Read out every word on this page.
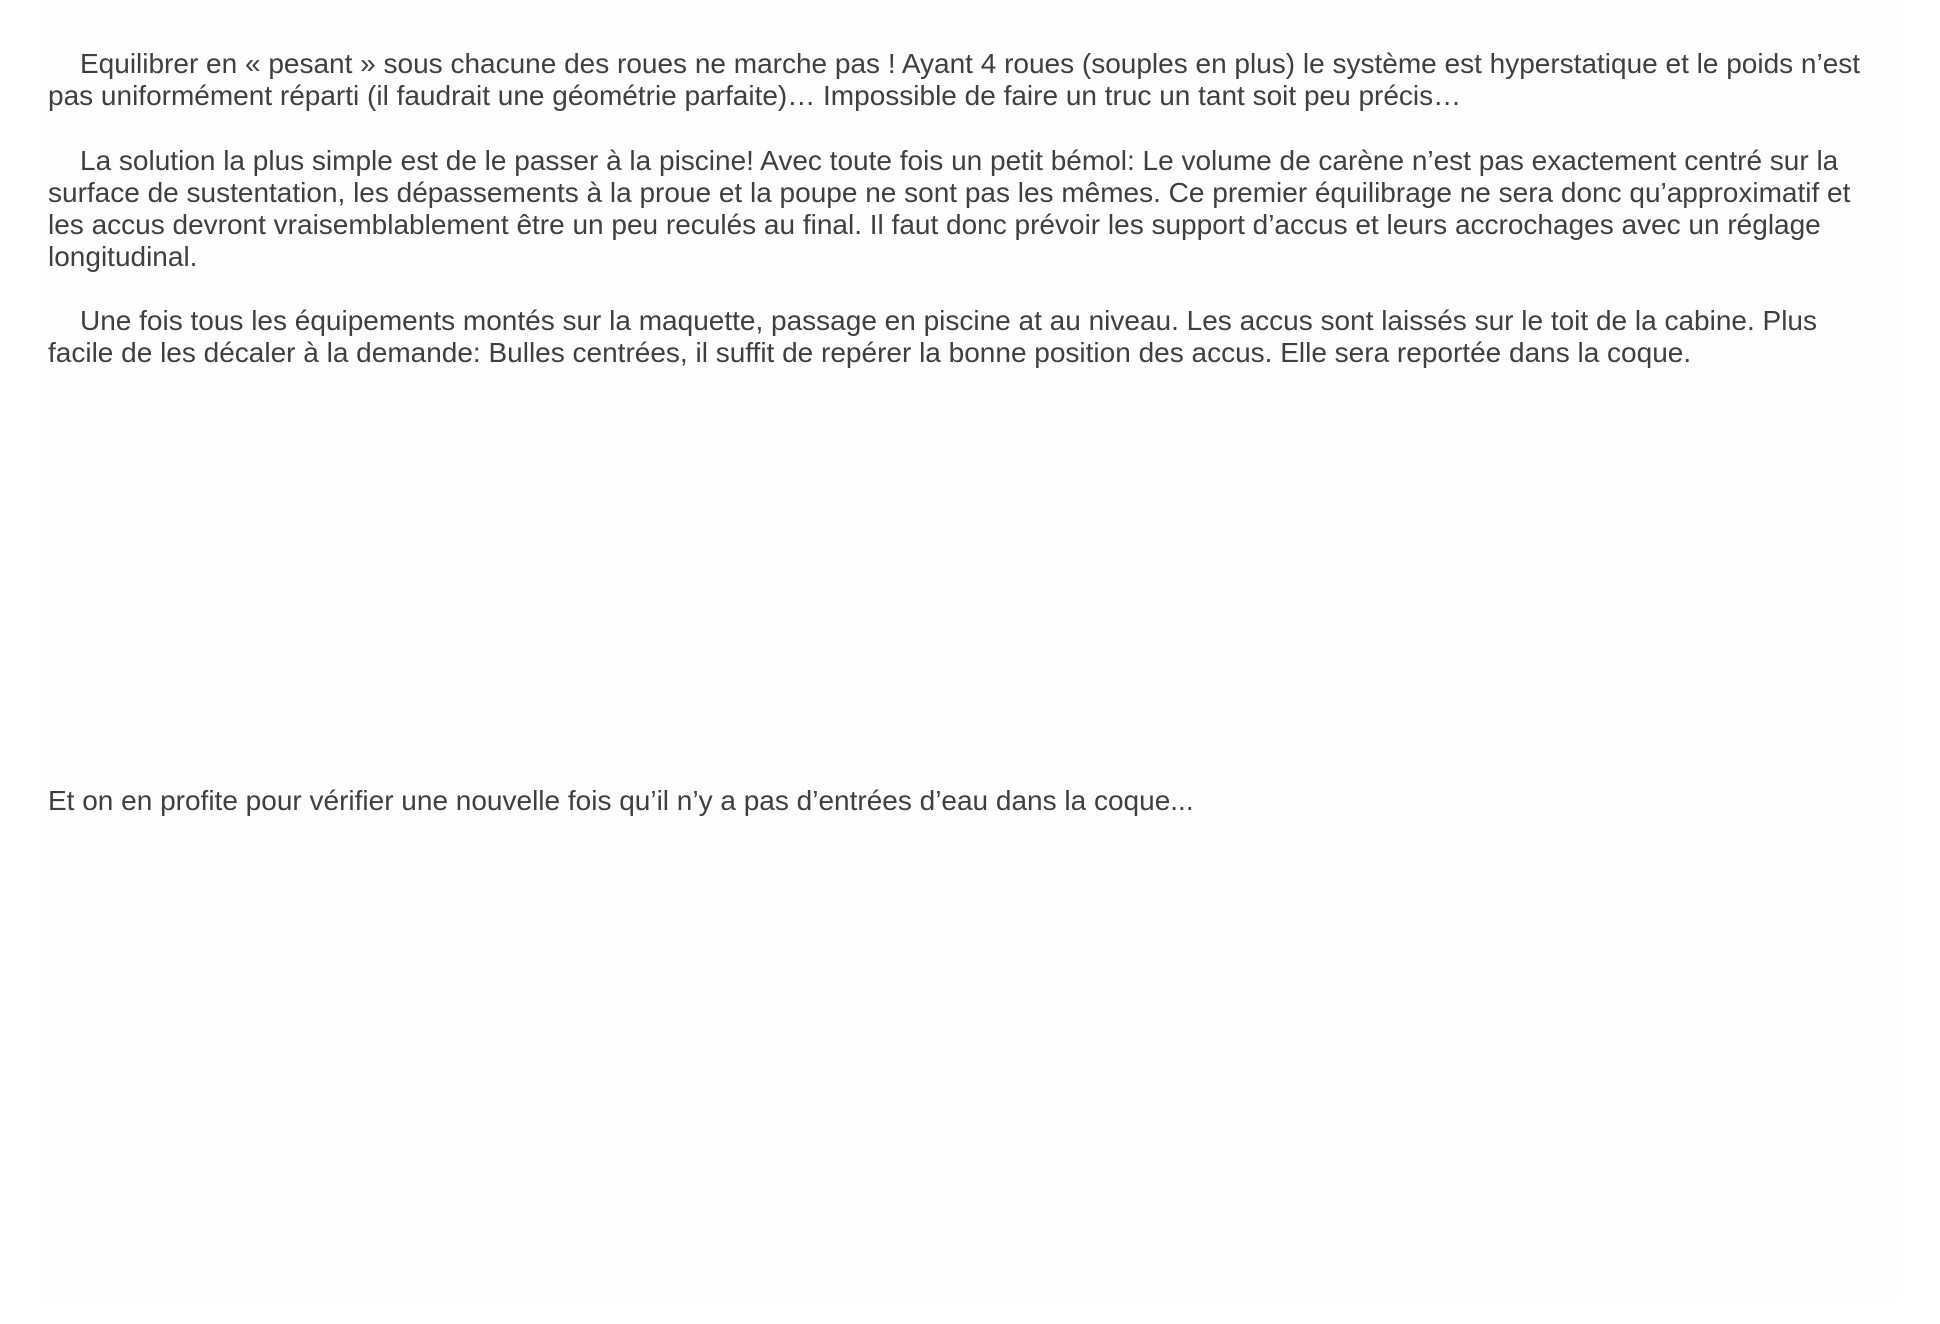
Equilibrer en « pesant » sous chacune des roues ne marche pas ! Ayant 4 roues (souples en plus) le système est hyperstatique et le poids n’est pas uniformément réparti (il faudrait une géométrie parfaite)… Impossible de faire un truc un tant soit peu précis…

La solution la plus simple est de le passer à la piscine! Avec toute fois un petit bémol: Le volume de carène n’est pas exactement centré sur la surface de sustentation, les dépassements à la proue et la poupe ne sont pas les mêmes. Ce premier équilibrage ne sera donc qu’approximatif et les accus devront vraisemblablement être un peu reculés au final. Il faut donc prévoir les support d’accus et leurs accrochages avec un réglage longitudinal.

Une fois tous les équipements montés sur la maquette, passage en piscine at au niveau. Les accus sont laissés sur le toit de la cabine. Plus facile de les décaler à la demande: Bulles centrées, il suffit de repérer la bonne position des accus. Elle sera reportée dans la coque.

Et on en profite pour vérifier une nouvelle fois qu’il n’y a pas d’entrées d’eau dans la coque...
